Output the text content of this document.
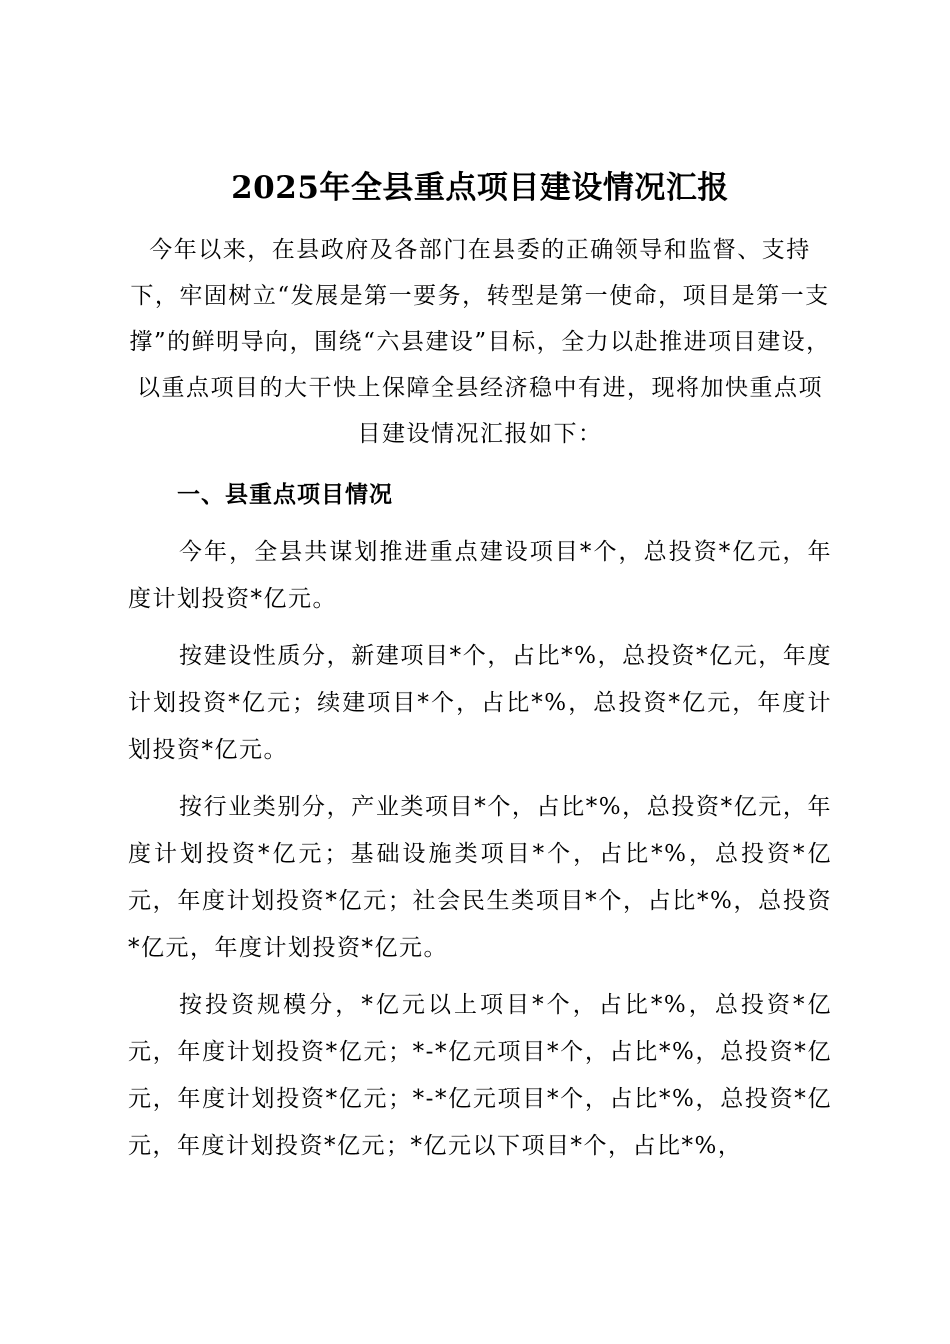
2025年全县重点项目建设情况汇报

今年以来，在县政府及各部门在县委的正确领导和监督、支持下，牢固树立“发展是第一要务，转型是第一使命，项目是第一支撑”的鲜明导向，围绕“六县建设”目标，全力以赴推进项目建设，以重点项目的大干快上保障全县经济稳中有进，现将加快重点项目建设情况汇报如下：

一、县重点项目情况

今年，全县共谋划推进重点建设项目*个，总投资*亿元，年度计划投资*亿元。

按建设性质分，新建项目*个，占比*%，总投资*亿元，年度计划投资*亿元；续建项目*个，占比*%，总投资*亿元，年度计划投资*亿元。

按行业类别分，产业类项目*个，占比*%，总投资*亿元，年度计划投资*亿元；基础设施类项目*个，占比*%，总投资*亿元，年度计划投资*亿元；社会民生类项目*个，占比*%，总投资*亿元，年度计划投资*亿元。

按投资规模分，*亿元以上项目*个，占比*%，总投资*亿元，年度计划投资*亿元；*-*亿元项目*个，占比*%，总投资*亿元，年度计划投资*亿元；*-*亿元项目*个，占比*%，总投资*亿元，年度计划投资*亿元；*亿元以下项目*个，占比*%，
